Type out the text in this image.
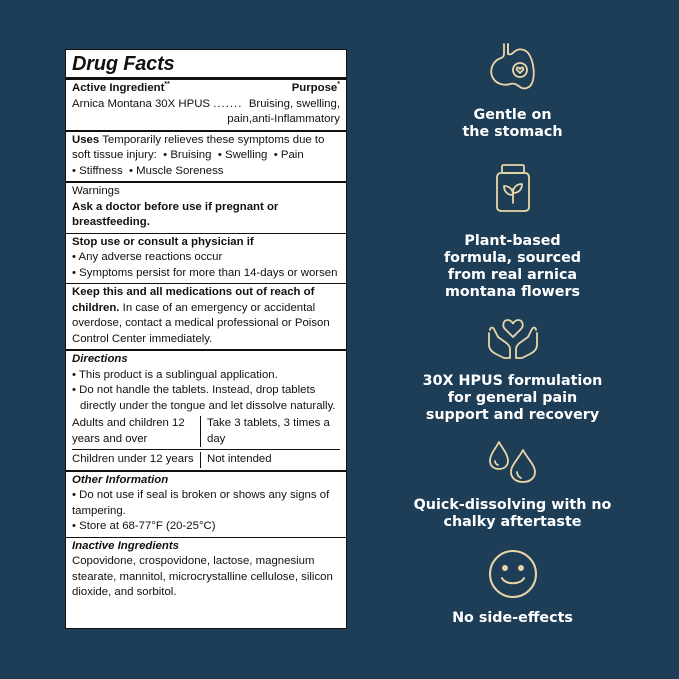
Drug Facts
Active Ingredient**	Purpose*
Arnica Montana 30X HPUS ....... Bruising, swelling,
pain,anti-Inflammatory
Uses Temporarily relieves these symptoms due to soft tissue injury:  • Bruising  • Swelling  • Pain
• Stiffness  • Muscle Soreness
Warnings
Ask a doctor before use if pregnant or breastfeeding.
Stop use or consult a physician if
• Any adverse reactions occur
• Symptoms persist for more than 14-days or worsen
Keep this and all medications out of reach of children. In case of an emergency or accidental overdose, contact a medical professional or Poison Control Center immediately.
Directions
• This product is a sublingual application.
• Do not handle the tablets. Instead, drop tablets directly under the tongue and let dissolve naturally.
Adults and children 12 years and over
Take 3 tablets, 3 times a day
Children under 12 years	Not intended
Other Information
• Do not use if seal is broken or shows any signs of tampering.
• Store at 68-77°F (20-25°C)
Inactive Ingredients
Copovidone, crospovidone, lactose, magnesium stearate, mannitol, microcrystalline cellulose, silicon dioxide, and sorbitol.
Gentle on
the stomach
Plant-based
formula, sourced
from real arnica
montana flowers
30X HPUS formulation
for general pain
support and recovery
Quick-dissolving with no
chalky aftertaste
No side-effects
